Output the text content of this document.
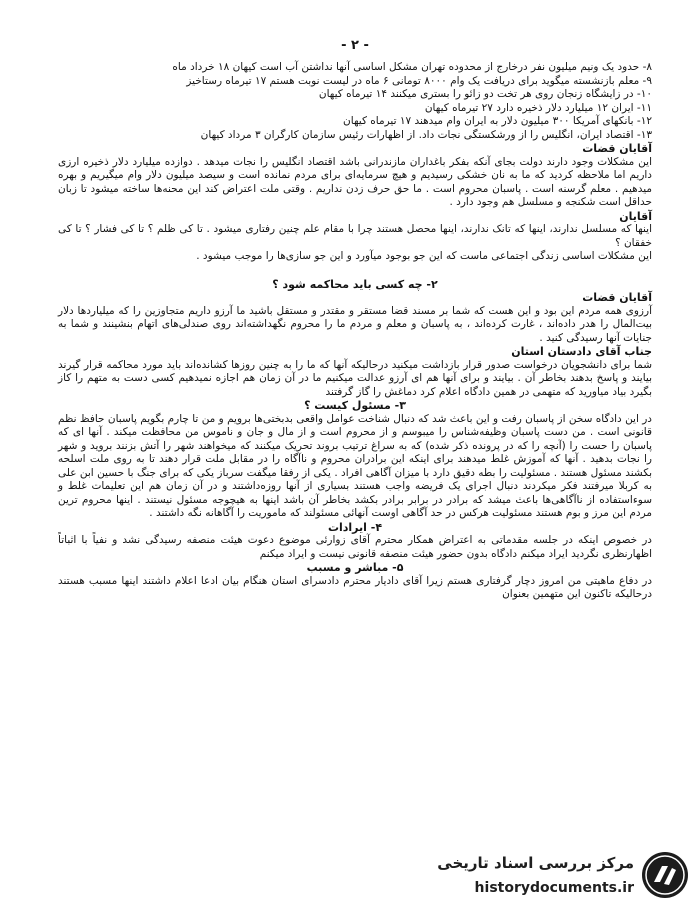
- ۲ -

۸- حدود یک ونیم میلیون نفر درخارج از محدوده تهران مشکل اساسی آنها نداشتن آب است کیهان ۱۸ خرداد ماه

۹- معلم بازنشسته میگوید برای دریافت یک وام ۸۰۰۰ تومانی ۶ ماه در لیست نوبت هستم ۱۷ تیرماه رستاخیز

۱۰- در زایشگاه زنجان روی هر تخت دو زائو را بستری میکنند ۱۴ تیرماه کیهان

۱۱- ایران ۱۲ میلیارد دلار ذخیره دارد ۲۷ تیرماه کیهان

۱۲- بانکهای آمریکا ۳۰۰ میلیون دلار به ایران وام میدهند ۱۷ تیرماه کیهان

۱۳- اقتصاد ایران، انگلیس را از ورشکستگی نجات داد. از اظهارات رئیس سازمان کارگران ۳ مرداد کیهان

آقایان قضات

این مشکلات وجود دارند دولت بجای آنکه بفکر باغداران مازندرانی باشد اقتصاد انگلیس را نجات میدهد . دوازده میلیارد دلار ذخیره ارزی داریم اما ملاحظه کردید که ما به نان خشکی رسیدیم و هیچ سرمایه‌ای برای مردم نمانده است و سیصد میلیون دلار وام میگیریم و بهره میدهیم . معلم گرسنه است . پاسبان محروم است . ما حق حرف زدن نداریم . وقتی ملت اعتراض کند این محنه‌ها ساخته میشود تا زبان حداقل است شکنجه و مسلسل هم وجود دارد .

آقایان

اینها که مسلسل ندارند، اینها که تانک ندارند، اینها محصل هستند چرا با مقام علم چنین رفتاری میشود . تا کی ظلم ؟ تا کی فشار ؟ تا کی خفقان ؟

این مشکلات اساسی زندگی اجتماعی ماست که این جو بوجود میآورد و این جو سازی‌ها را موجب میشود .

۲- چه کسی باید محاکمه شود ؟

آقایان قضات

آرزوی همه مردم این بود و این هست که شما بر مسند قضا مستقر و مقتدر و مستقل باشید ما آرزو داریم متجاوزین را که میلیاردها دلار بیت‌المال را هدر داده‌اند ، غارت کرده‌اند ، به پاسبان و معلم و مردم ما را محروم نگهداشته‌اند روی صندلی‌های اتهام بنشینند و شما به جنایات آنها رسیدگی کنید .

جناب آقای دادستان استان

شما برای دانشجویان درخواست صدور قرار بازداشت میکنید درحالیکه آنها که ما را به چنین روزها کشانده‌اند باید مورد محاکمه قرار گیرند بیایند و پاسخ بدهند بخاطر آن . بیایند و برای آنها هم ای آرزو عدالت میکنیم ما در آن زمان هم اجازه نمیدهیم کسی دست به متهم را کاز بگیرد بیاد میاورید که متهمی در همین دادگاه اعلام کرد دماغش را گاز گرفتند

۳- مسئول کیست ؟

در این دادگاه سخن از پاسبان رفت و این باعث شد که دنبال شناخت عوامل واقعی بدبختی‌ها برویم و من تا چارم بگویم پاسبان حافظ نظم قانونی است . من دست پاسبان وظیفه‌شناس را میبوسم و از محروم است و از مال و جان و ناموس من محافظت میکند . آنها ای که پاسبان را حست را (آنچه را که در پرونده ذکر شده) که به سراغ ترتیب بروند تحریک میکنند که میخواهند شهر را آتش بزنند بروید و شهر را نجات بدهید . آنها که آموزش غلط میدهند برای اینکه این برادران محروم و ناآگاه را در مقابل ملت قرار دهند تا به روی ملت اسلحه بکشند مسئول هستند . مسئولیت را بطه دقیق دارد با میزان آگاهی افراد . یکی از رفقا میگفت سرباز یکی که برای جنگ با حسین ابن علی به کربلا میرفتند فکر میکردند دنبال اجرای یک فریضه واجب هستند بسیاری از آنها روزه‌داشتند و در آن زمان هم این تعلیمات غلط و سوءاستفاده از ناآگاهی‌ها باعث میشد که برادر در برابر برادر بکشد بخاطر آن باشد اینها به هیچوجه مسئول نیستند . اینها محروم ترین مردم این مرز و بوم هستند مسئولیت هرکس در حد آگاهی اوست آنها‌ئی مسئولند که ماموریت را آگاهانه نگه داشتند .

۴- ایرادات

در خصوص اینکه در جلسه مقدماتی به اعتراض همکار محترم آقای زوارئی موضوع دعوت هیئت منصفه رسیدگی نشد و نفیاً با اثباتاً اظهارنظری نگردید ایراد میکنم دادگاه بدون حضور هیئت منصفه قانونی نیست و ایراد میکنم

۵- مباشر و مسبب

در دفاع ماهیتی من امروز دچار گرفتاری هستم زیرا آقای دادیار محترم دادسرای استان هنگام بیان ادعا اعلام داشتند اینها مسبب هستند درحالیکه تاکنون این متهمین بعنوان

مرکز بررسی اسناد تاریخی
historydocuments.ir
